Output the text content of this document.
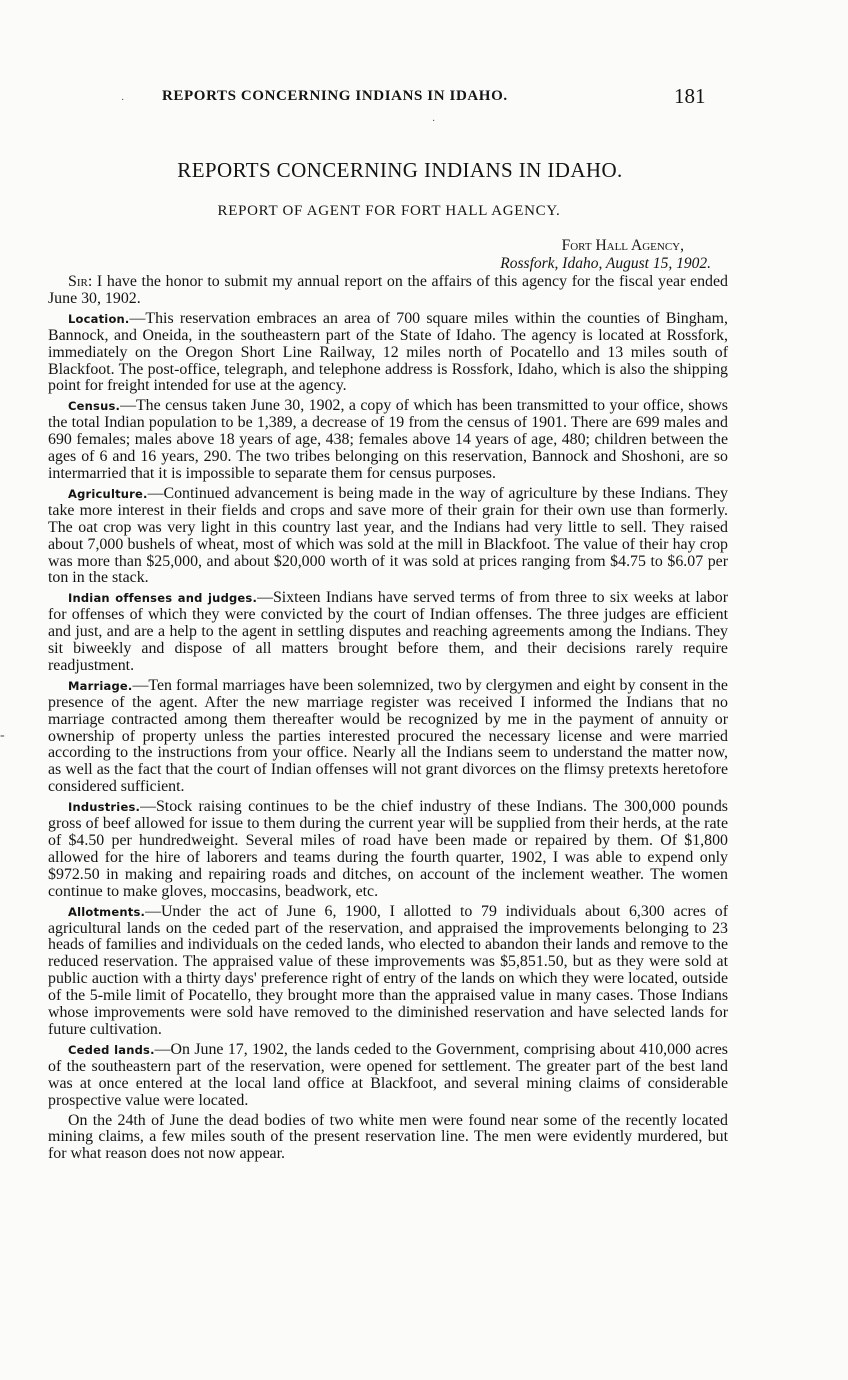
REPORTS CONCERNING INDIANS IN IDAHO.	181
REPORTS CONCERNING INDIANS IN IDAHO.
REPORT OF AGENT FOR FORT HALL AGENCY.
Fort Hall Agency,
Rossfork, Idaho, August 15, 1902.

Sir: I have the honor to submit my annual report on the affairs of this agency for the fiscal year ended June 30, 1902.

Location.—This reservation embraces an area of 700 square miles within the counties of Bingham, Bannock, and Oneida, in the southeastern part of the State of Idaho. The agency is located at Rossfork, immediately on the Oregon Short Line Railway, 12 miles north of Pocatello and 13 miles south of Blackfoot. The post-office, telegraph, and telephone address is Rossfork, Idaho, which is also the shipping point for freight intended for use at the agency.

Census.—The census taken June 30, 1902, a copy of which has been transmitted to your office, shows the total Indian population to be 1,389, a decrease of 19 from the census of 1901. There are 699 males and 690 females; males above 18 years of age, 438; females above 14 years of age, 480; children between the ages of 6 and 16 years, 290. The two tribes belonging on this reservation, Bannock and Shoshoni, are so intermarried that it is impossible to separate them for census purposes.

Agriculture.—Continued advancement is being made in the way of agriculture by these Indians. They take more interest in their fields and crops and save more of their grain for their own use than formerly. The oat crop was very light in this country last year, and the Indians had very little to sell. They raised about 7,000 bushels of wheat, most of which was sold at the mill in Blackfoot. The value of their hay crop was more than $25,000, and about $20,000 worth of it was sold at prices ranging from $4.75 to $6.07 per ton in the stack.

Indian offenses and judges.—Sixteen Indians have served terms of from three to six weeks at labor for offenses of which they were convicted by the court of Indian offenses. The three judges are efficient and just, and are a help to the agent in settling disputes and reaching agreements among the Indians. They sit biweekly and dispose of all matters brought before them, and their decisions rarely require readjustment.

Marriage.—Ten formal marriages have been solemnized, two by clergymen and eight by consent in the presence of the agent. After the new marriage register was received I informed the Indians that no marriage contracted among them thereafter would be recognized by me in the payment of annuity or ownership of property unless the parties interested procured the necessary license and were married according to the instructions from your office. Nearly all the Indians seem to understand the matter now, as well as the fact that the court of Indian offenses will not grant divorces on the flimsy pretexts heretofore considered sufficient.

Industries.—Stock raising continues to be the chief industry of these Indians. The 300,000 pounds gross of beef allowed for issue to them during the current year will be supplied from their herds, at the rate of $4.50 per hundredweight. Several miles of road have been made or repaired by them. Of $1,800 allowed for the hire of laborers and teams during the fourth quarter, 1902, I was able to expend only $972.50 in making and repairing roads and ditches, on account of the inclement weather. The women continue to make gloves, moccasins, beadwork, etc.

Allotments.—Under the act of June 6, 1900, I allotted to 79 individuals about 6,300 acres of agricultural lands on the ceded part of the reservation, and appraised the improvements belonging to 23 heads of families and individuals on the ceded lands, who elected to abandon their lands and remove to the reduced reservation. The appraised value of these improvements was $5,851.50, but as they were sold at public auction with a thirty days' preference right of entry of the lands on which they were located, outside of the 5-mile limit of Pocatello, they brought more than the appraised value in many cases. Those Indians whose improvements were sold have removed to the diminished reservation and have selected lands for future cultivation.

Ceded lands.—On June 17, 1902, the lands ceded to the Government, comprising about 410,000 acres of the southeastern part of the reservation, were opened for settlement. The greater part of the best land was at once entered at the local land office at Blackfoot, and several mining claims of considerable prospective value were located.

On the 24th of June the dead bodies of two white men were found near some of the recently located mining claims, a few miles south of the present reservation line. The men were evidently murdered, but for what reason does not now appear.

·
·
-
